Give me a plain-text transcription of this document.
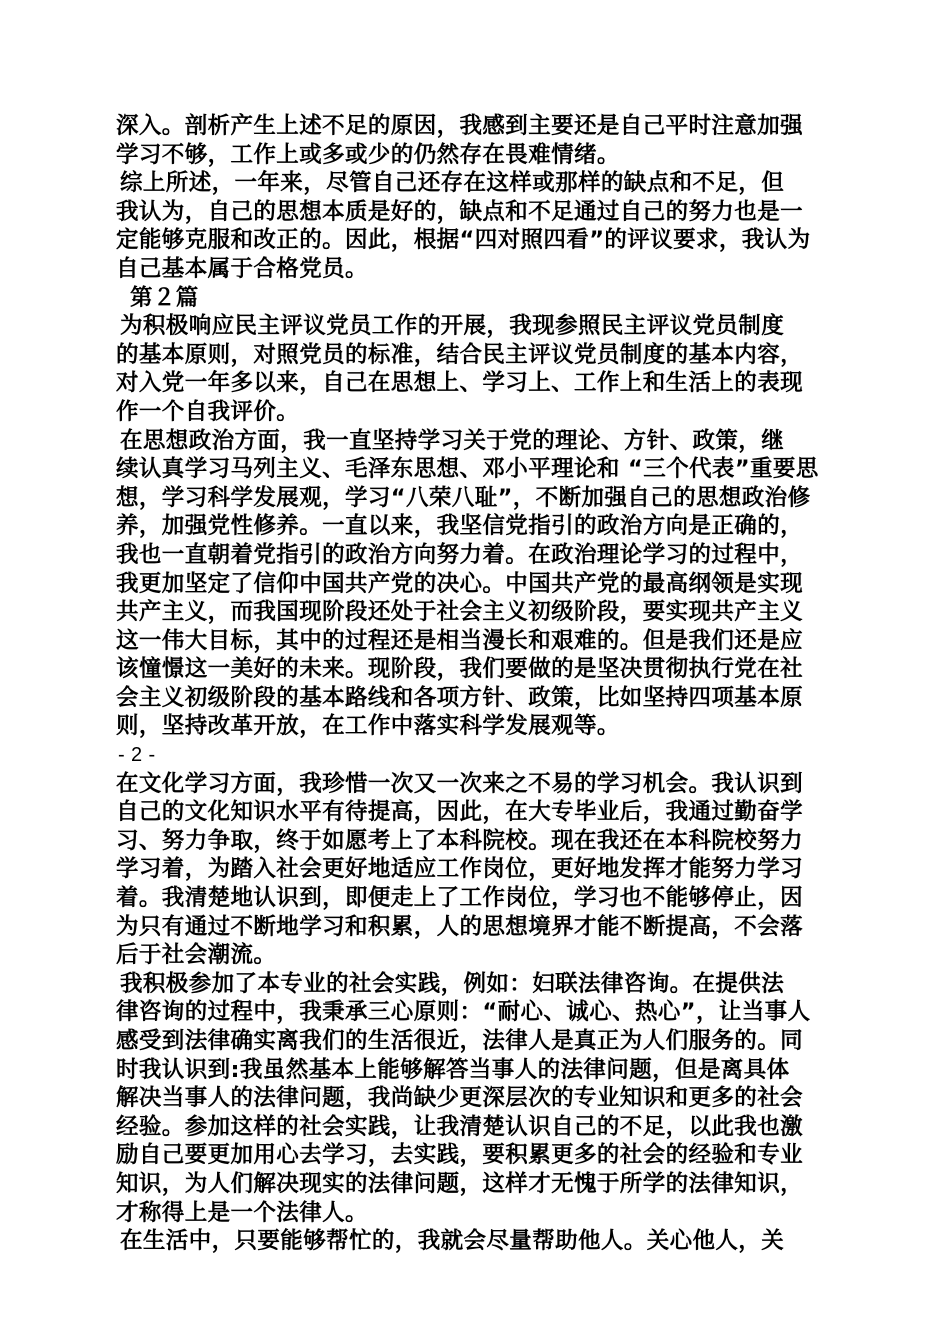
深入。剖析产生上述不足的原因，我感到主要还是自己平时注意加强
学习不够，工作上或多或少的仍然存在畏难情绪。
综上所述，一年来，尽管自己还存在这样或那样的缺点和不足，但
我认为，自己的思想本质是好的，缺点和不足通过自己的努力也是一
定能够克服和改正的。因此，根据“四对照四看”的评议要求，我认为
自己基本属于合格党员。
第２篇
为积极响应民主评议党员工作的开展，我现参照民主评议党员制度
的基本原则，对照党员的标准，结合民主评议党员制度的基本内容，
对入党一年多以来，自己在思想上、学习上、工作上和生活上的表现
作一个自我评价。
在思想政治方面，我一直坚持学习关于党的理论、方针、政策，继
续认真学习马列主义、毛泽东思想、邓小平理论和 “三个代表”重要思
想，学习科学发展观，学习“八荣八耻”，不断加强自己的思想政治修
养，加强党性修养。一直以来，我坚信党指引的政治方向是正确的，
我也一直朝着党指引的政治方向努力着。在政治理论学习的过程中，
我更加坚定了信仰中国共产党的决心。中国共产党的最高纲领是实现
共产主义，而我国现阶段还处于社会主义初级阶段，要实现共产主义
这一伟大目标，其中的过程还是相当漫长和艰难的。但是我们还是应
该憧憬这一美好的未来。现阶段，我们要做的是坚决贯彻执行党在社
会主义初级阶段的基本路线和各项方针、政策，比如坚持四项基本原
则，坚持改革开放，在工作中落实科学发展观等。
- 2 -
在文化学习方面，我珍惜一次又一次来之不易的学习机会。我认识到
自己的文化知识水平有待提高，因此，在大专毕业后，我通过勤奋学
习、努力争取，终于如愿考上了本科院校。现在我还在本科院校努力
学习着，为踏入社会更好地适应工作岗位，更好地发挥才能努力学习
着。我清楚地认识到，即便走上了工作岗位，学习也不能够停止，因
为只有通过不断地学习和积累，人的思想境界才能不断提高，不会落
后于社会潮流。
我积极参加了本专业的社会实践，例如：妇联法律咨询。在提供法
律咨询的过程中，我秉承三心原则：“耐心、诚心、热心”，让当事人
感受到法律确实离我们的生活很近，法律人是真正为人们服务的。同
时我认识到:我虽然基本上能够解答当事人的法律问题，但是离具体
解决当事人的法律问题，我尚缺少更深层次的专业知识和更多的社会
经验。参加这样的社会实践，让我清楚认识自己的不足，以此我也激
励自己要更加用心去学习，去实践，要积累更多的社会的经验和专业
知识，为人们解决现实的法律问题，这样才无愧于所学的法律知识，
才称得上是一个法律人。
在生活中，只要能够帮忙的，我就会尽量帮助他人。关心他人，关
